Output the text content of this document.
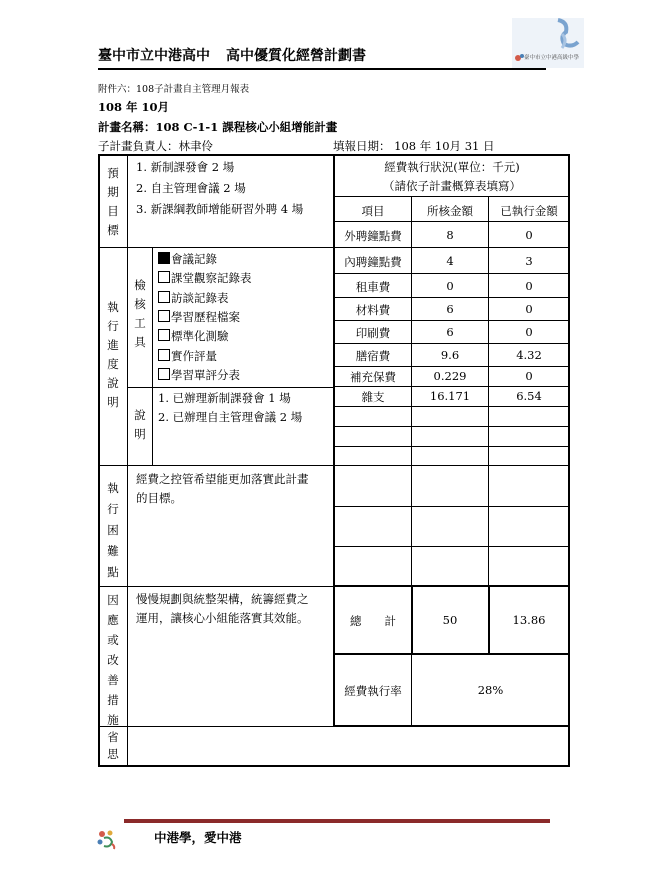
臺中市立中港高中 高中優質化經營計劃書	臺中市立中港高級中學
附件六：108子計畫自主管理月報表
108 年 10月
計畫名稱：108 C-1-1 課程核心小組增能計畫
子計畫負責人：林聿伶	填報日期： 108 年 10月 31 日
預
期
目
標
1. 新制課發會 2 場
2. 自主管理會議 2 場
3. 新課綱教師增能研習外聘 4 場
經費執行狀況(單位：千元)
（請依子計畫概算表填寫）
項目	所核金額	已執行金額
外聘鐘點費	8	0
內聘鐘點費	4	3
租車費	0	0
材料費	6	0
印刷費	6	0
膳宿費	9.6	4.32
補充保費	0.229	0
雜支	16.171	6.54
總　　計	50	13.86
經費執行率	28%
執
行
進
度
說
明
檢
核
工
具
會議記錄
課堂觀察記錄表
訪談記錄表
學習歷程檔案
標準化測驗
實作評量
學習單評分表
說
明
1. 已辦理新制課發會 1 場
2. 已辦理自主管理會議 2 場
執
行
困
難
點
經費之控管希望能更加落實此計畫
的目標。
因
應
或
改
善
措
施
慢慢規劃與統整架構，統籌經費之
運用，讓核心小組能落實其效能。
省
思
中港學，愛中港
